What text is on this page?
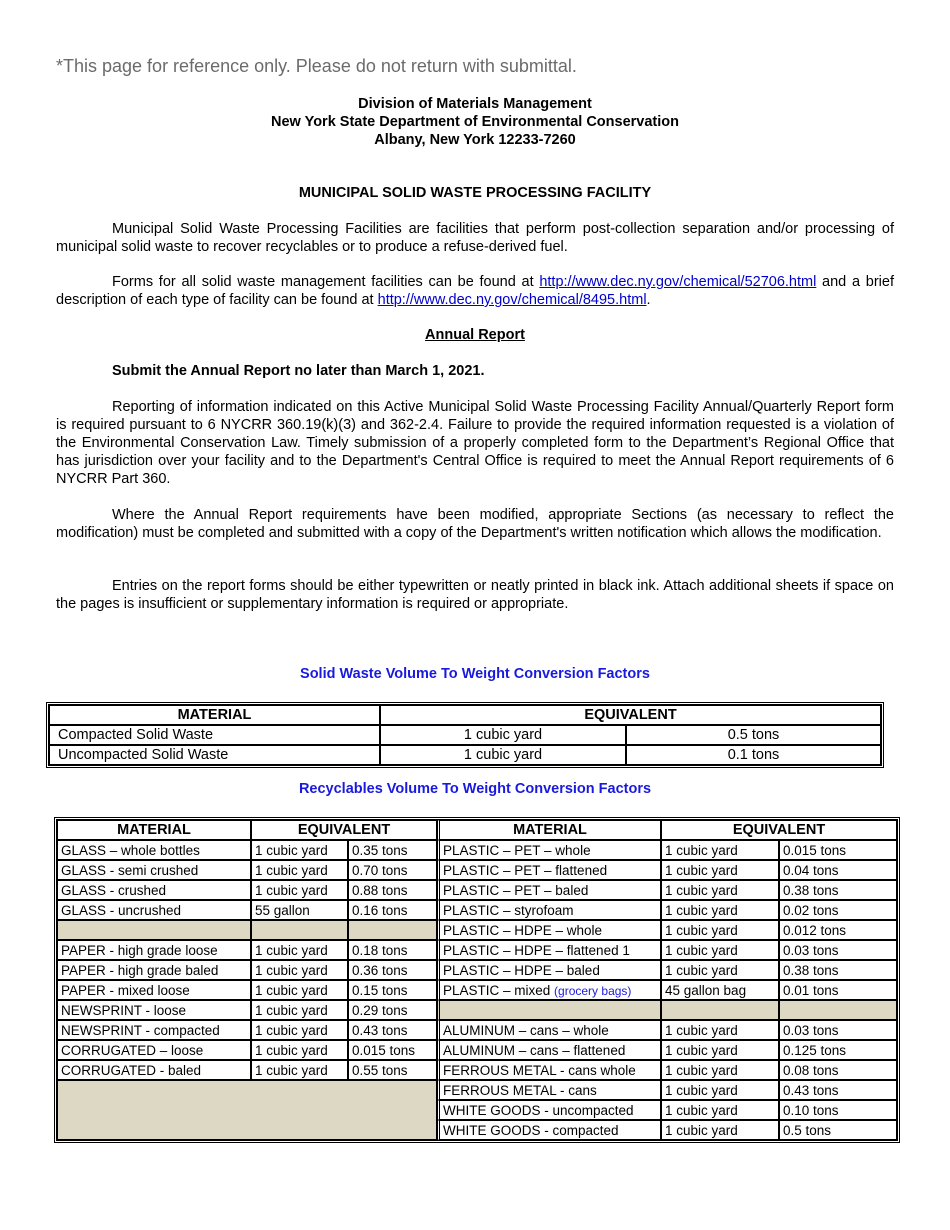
*This page for reference only. Please do not return with submittal.
Division of Materials Management
New York State Department of Environmental Conservation
Albany, New York 12233-7260
MUNICIPAL SOLID WASTE PROCESSING FACILITY
Municipal Solid Waste Processing Facilities are facilities that perform post-collection separation and/or processing of municipal solid waste to recover recyclables or to produce a refuse-derived fuel.
Forms for all solid waste management facilities can be found at http://www.dec.ny.gov/chemical/52706.html and a brief description of each type of facility can be found at http://www.dec.ny.gov/chemical/8495.html.
Annual Report
Submit the Annual Report no later than March 1, 2021.
Reporting of information indicated on this Active Municipal Solid Waste Processing Facility Annual/Quarterly Report form is required pursuant to 6 NYCRR 360.19(k)(3) and 362-2.4. Failure to provide the required information requested is a violation of the Environmental Conservation Law. Timely submission of a properly completed form to the Department’s Regional Office that has jurisdiction over your facility and to the Department's Central Office is required to meet the Annual Report requirements of 6 NYCRR Part 360.
Where the Annual Report requirements have been modified, appropriate Sections (as necessary to reflect the modification) must be completed and submitted with a copy of the Department's written notification which allows the modification.
Entries on the report forms should be either typewritten or neatly printed in black ink. Attach additional sheets if space on the pages is insufficient or supplementary information is required or appropriate.
Solid Waste Volume To Weight Conversion Factors
MATERIAL	EQUIVALENT	
Compacted Solid Waste	1 cubic yard	0.5 tons
Uncompacted Solid Waste	1 cubic yard	0.1 tons
Recyclables Volume To Weight Conversion Factors
MATERIAL	EQUIVALENT		MATERIAL	EQUIVALENT	
GLASS – whole bottles	1 cubic yard	0.35 tons	PLASTIC – PET – whole	1 cubic yard	0.015 tons
GLASS - semi crushed	1 cubic yard	0.70 tons	PLASTIC – PET – flattened	1 cubic yard	0.04 tons
GLASS - crushed	1 cubic yard	0.88 tons	PLASTIC – PET – baled	1 cubic yard	0.38 tons
GLASS - uncrushed	55 gallon	0.16 tons	PLASTIC – styrofoam	1 cubic yard	0.02 tons
			PLASTIC – HDPE – whole	1 cubic yard	0.012 tons
PAPER - high grade loose	1 cubic yard	0.18 tons	PLASTIC – HDPE – flattened 1	1 cubic yard	0.03 tons
PAPER - high grade baled	1 cubic yard	0.36 tons	PLASTIC – HDPE – baled	1 cubic yard	0.38 tons
PAPER - mixed loose	1 cubic yard	0.15 tons	PLASTIC – mixed (grocery bags)	45 gallon bag	0.01 tons
NEWSPRINT - loose	1 cubic yard	0.29 tons			
NEWSPRINT - compacted	1 cubic yard	0.43 tons	ALUMINUM – cans – whole	1 cubic yard	0.03 tons
CORRUGATED – loose	1 cubic yard	0.015 tons	ALUMINUM – cans – flattened	1 cubic yard	0.125 tons
CORRUGATED - baled	1 cubic yard	0.55 tons	FERROUS METAL - cans whole	1 cubic yard	0.08 tons
			FERROUS METAL - cans	1 cubic yard	0.43 tons
			WHITE GOODS - uncompacted	1 cubic yard	0.10 tons
			WHITE GOODS - compacted	1 cubic yard	0.5 tons
